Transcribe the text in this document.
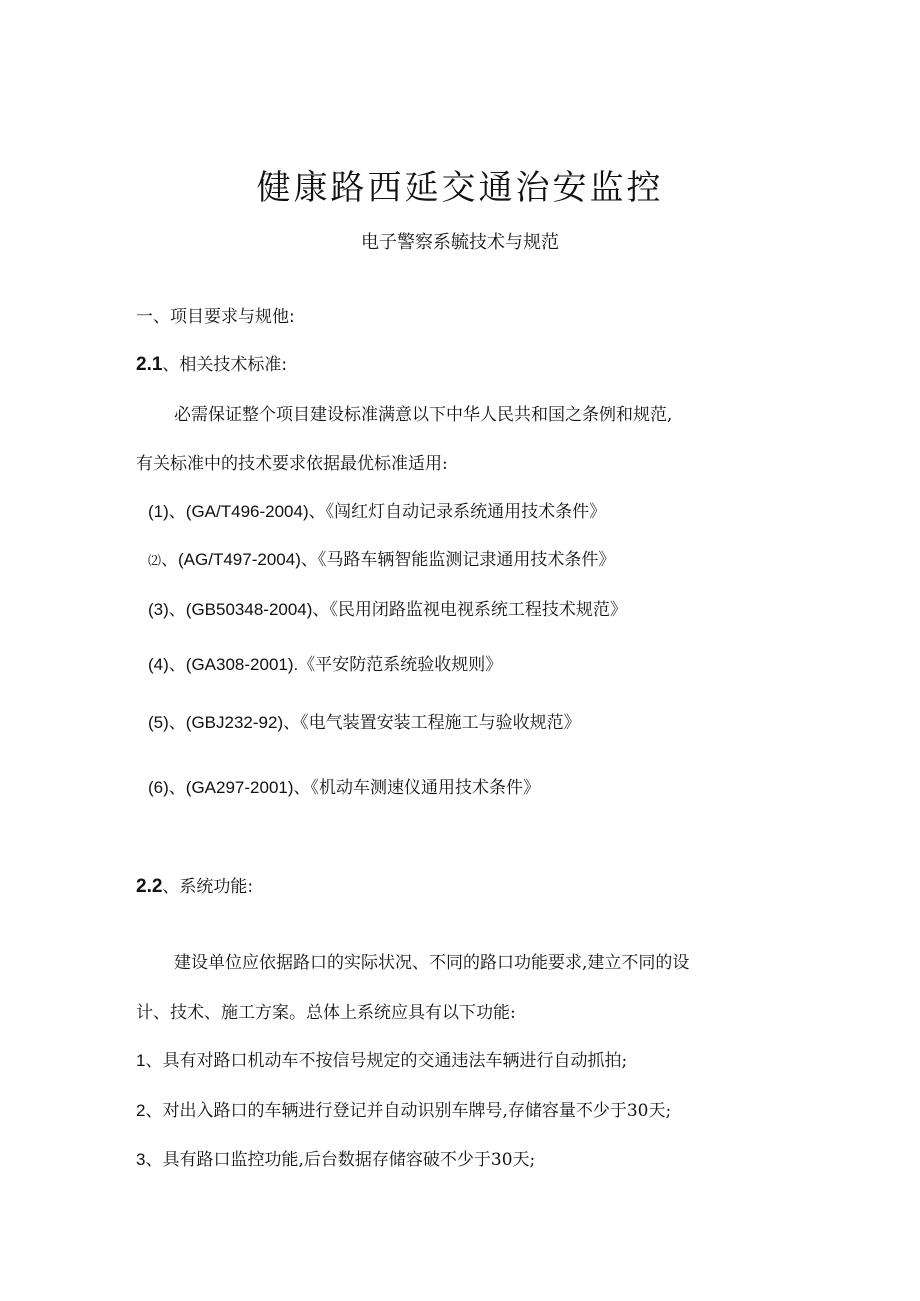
健康路西延交通治安监控
电子警察系毓技术与规范
一、项目要求与规他:
2.1、相关技术标准:
必需保证整个项目建设标准满意以下中华人民共和国之条例和规范,
有关标准中的技术要求依据最优标准适用:
(1)、(GA/T496-2004)、《闯红灯自动记录系统通用技术条件》
⑵、(AG/T497-2004)、《马路车辆智能监测记隶通用技术条件》
(3)、(GB50348-2004)、《民用闭路监视电视系统工程技术规范》
(4)、(GA308-2001).《平安防范系统验收规则》
(5)、(GBJ232-92)、《电气装置安装工程施工与验收规范》
(6)、(GA297-2001)、《机动车测速仪通用技术条件》
2.2、系统功能:
建设单位应依据路口的实际状况、不同的路口功能要求,建立不同的设
计、技术、施工方案。总体上系统应具有以下功能:
1、具有对路口机动车不按信号规定的交通违法车辆进行自动抓拍;
2、对出入路口的车辆进行登记并自动识别车牌号,存储容量不少于30天;
3、具有路口监控功能,后台数据存储容破不少于30天;
